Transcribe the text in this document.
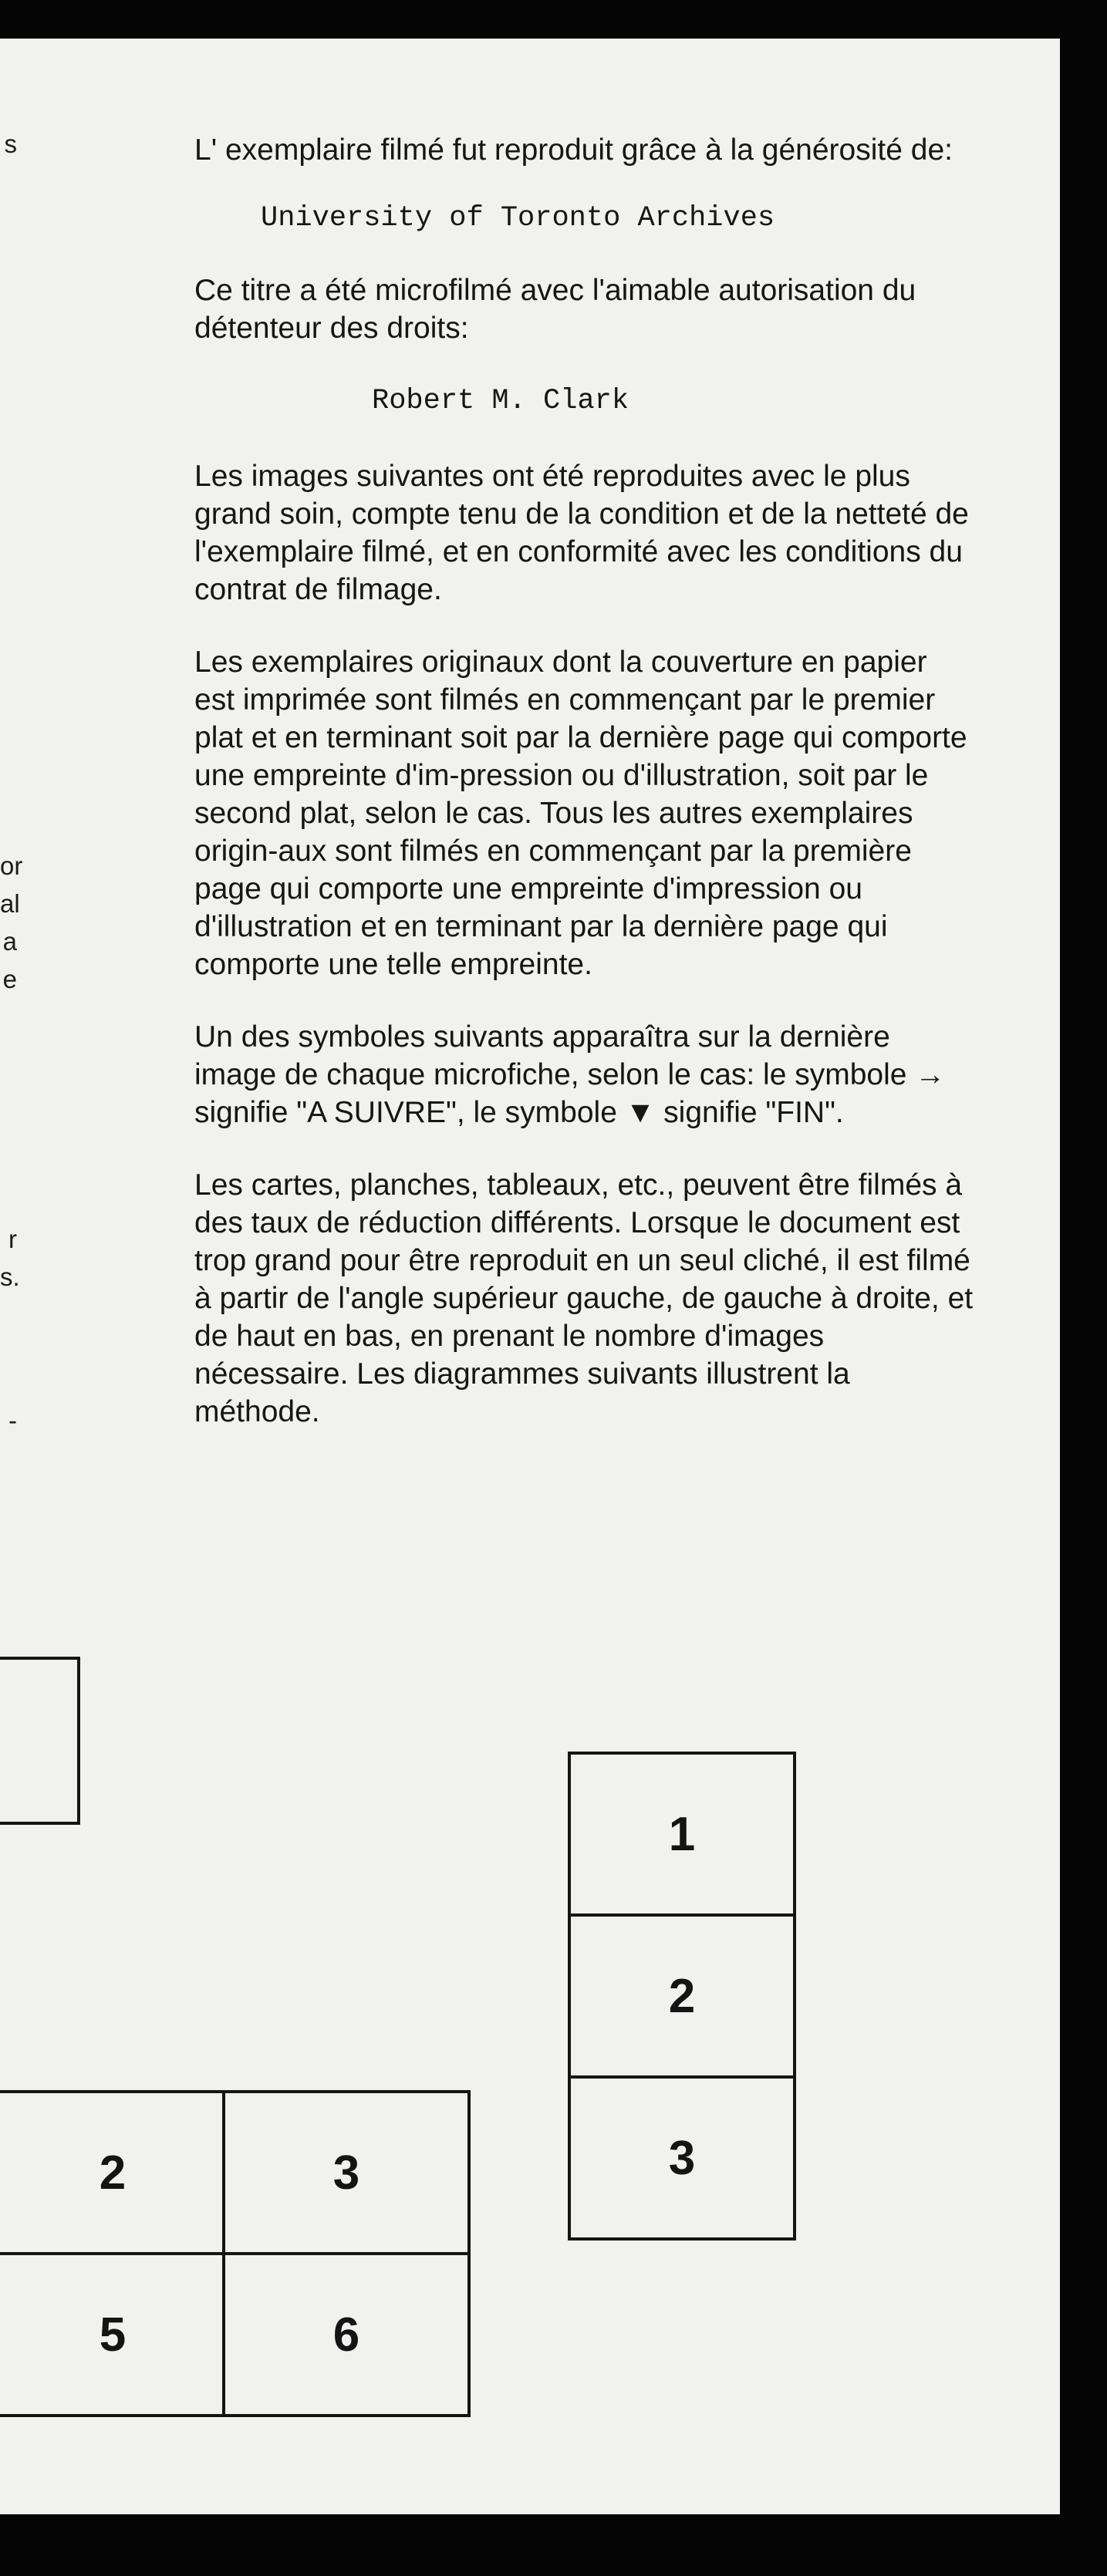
s
or
al
a
e
r
s.
-

L' exemplaire filmé fut reproduit grâce à la générosité de:

University of Toronto Archives

Ce titre a été microfilmé avec l'aimable autorisation du détenteur des droits:

Robert M. Clark

Les images suivantes ont été reproduites avec le plus grand soin, compte tenu de la condition et de la netteté de l'exemplaire filmé, et en conformité avec les conditions du contrat de filmage.

Les exemplaires originaux dont la couverture en papier est imprimée sont filmés en commençant par le premier plat et en terminant soit par la dernière page qui comporte une empreinte d'im-pression ou d'illustration, soit par le second plat, selon le cas. Tous les autres exemplaires origin-aux sont filmés en commençant par la première page qui comporte une empreinte d'impression ou d'illustration et en terminant par la dernière page qui comporte une telle empreinte.

Un des symboles suivants apparaîtra sur la dernière image de chaque microfiche, selon le cas: le symbole → signifie "A SUIVRE", le symbole ▼ signifie "FIN".

Les cartes, planches, tableaux, etc., peuvent être filmés à des taux de réduction différents. Lorsque le document est trop grand pour être reproduit en un seul cliché, il est filmé à partir de l'angle supérieur gauche, de gauche à droite, et de haut en bas, en prenant le nombre d'images nécessaire. Les diagrammes suivants illustrent la méthode.

1
2
3
2	3
5	6
